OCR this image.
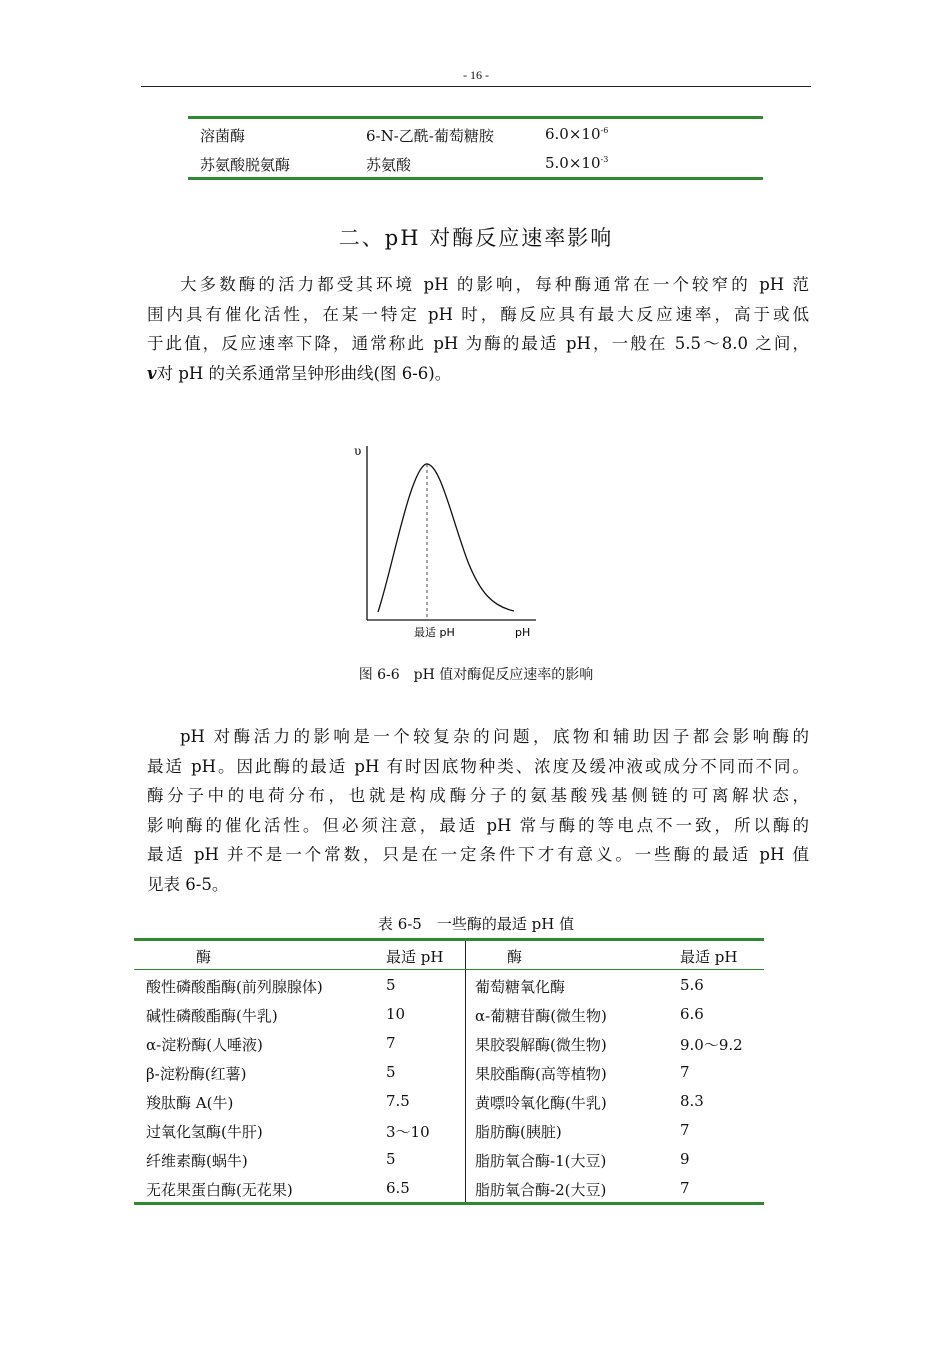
- 16 -
溶菌酶	6-N-乙酰-葡萄糖胺	$6.0\times 10^{-6}$
苏氨酸脱氨酶	苏氨酸	$5.0\times 10^{-3}$
二、pH 对酶反应速率影响
大多数酶的活力都受其环境 pH 的影响，每种酶通常在一个较窄的 pH 范
围内具有催化活性，在某一特定 pH 时，酶反应具有最大反应速率，高于或低
于此值，反应速率下降，通常称此 pH 为酶的最适 pH，一般在 5.5～8.0 之间，
v对 pH 的关系通常呈钟形曲线(图 6-6)。
υ
最适 pH	pH
图 6-6　pH 值对酶促反应速率的影响
pH 对酶活力的影响是一个较复杂的问题，底物和辅助因子都会影响酶的
最适 pH。因此酶的最适 pH 有时因底物种类、浓度及缓冲液或成分不同而不同。
酶分子中的电荷分布，也就是构成酶分子的氨基酸残基侧链的可离解状态，
影响酶的催化活性。但必须注意，最适 pH 常与酶的等电点不一致，所以酶的
最适 pH 并不是一个常数，只是在一定条件下才有意义。一些酶的最适 pH 值
见表 6-5。
表 6-5　一些酶的最适 pH 值
酶	最适 pH	酶	最适 pH
酸性磷酸酯酶(前列腺腺体)	5	葡萄糖氧化酶	5.6
碱性磷酸酯酶(牛乳)	10	α-葡糖苷酶(微生物)	6.6
α-淀粉酶(人唾液)	7	果胶裂解酶(微生物)	9.0～9.2
β-淀粉酶(红薯)	5	果胶酯酶(高等植物)	7
羧肽酶 A(牛)	7.5	黄嘌呤氧化酶(牛乳)	8.3
过氧化氢酶(牛肝)	3～10	脂肪酶(胰脏)	7
纤维素酶(蜗牛)	5	脂肪氧合酶-1(大豆)	9
无花果蛋白酶(无花果)	6.5	脂肪氧合酶-2(大豆)	7
